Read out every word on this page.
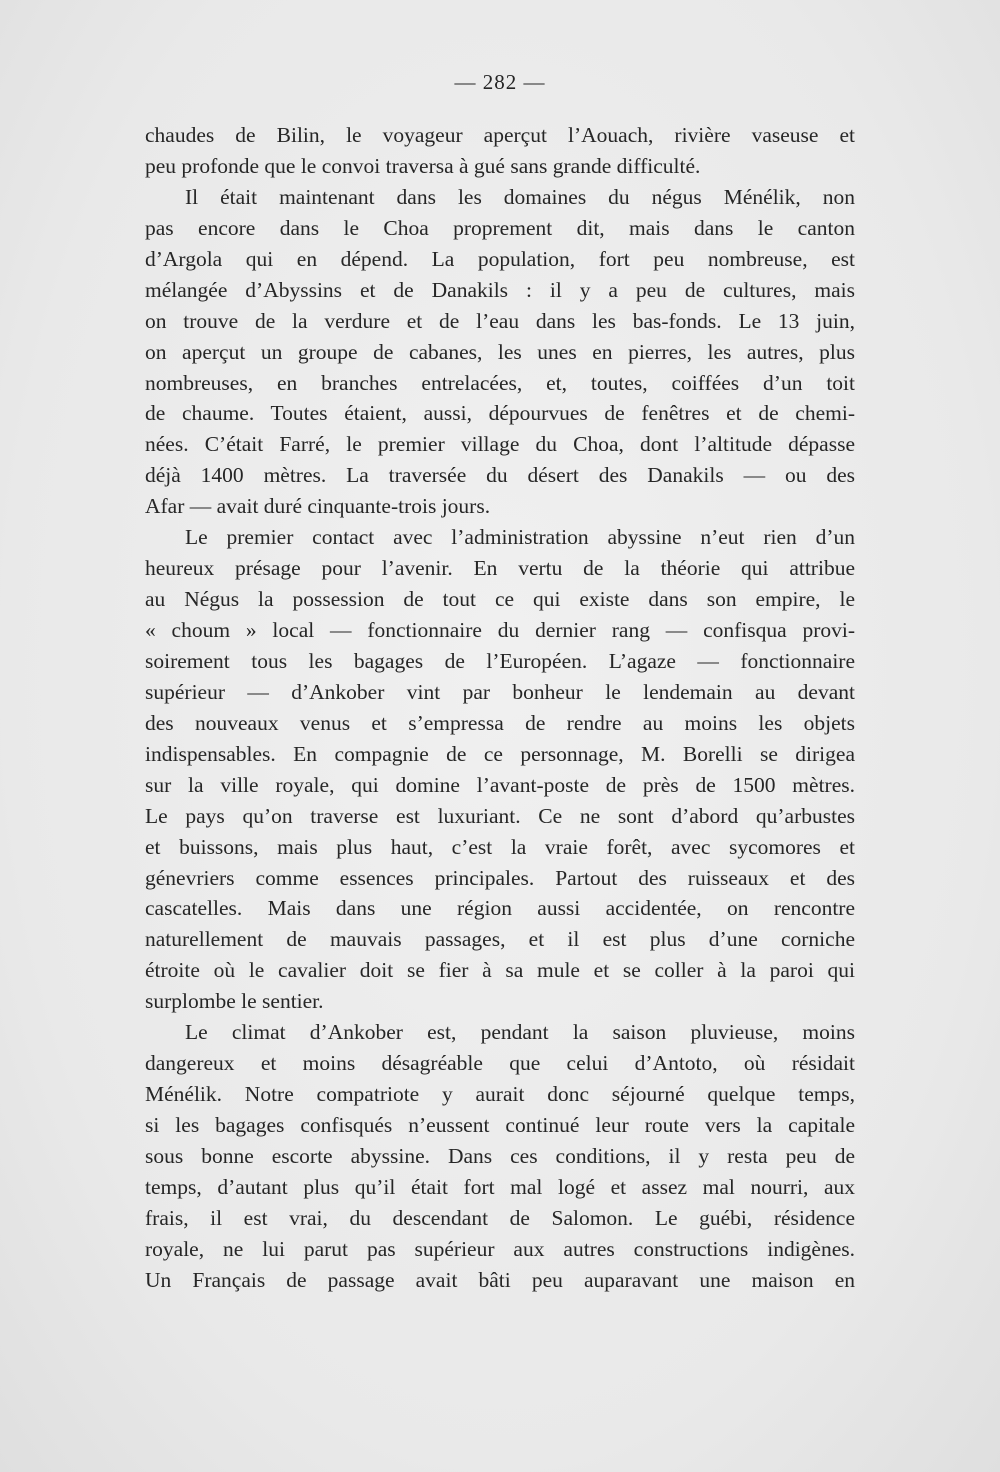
— 282 —
chaudes de Bilin, le voyageur aperçut l’Aouach, rivière vaseuse et
peu profonde que le convoi traversa à gué sans grande difficulté.
Il était maintenant dans les domaines du négus Ménélik, non
pas encore dans le Choa proprement dit, mais dans le canton
d’Argola qui en dépend. La population, fort peu nombreuse, est
mélangée d’Abyssins et de Danakils : il y a peu de cultures, mais
on trouve de la verdure et de l’eau dans les bas-fonds. Le 13 juin,
on aperçut un groupe de cabanes, les unes en pierres, les autres, plus
nombreuses, en branches entrelacées, et, toutes, coiffées d’un toit
de chaume. Toutes étaient, aussi, dépourvues de fenêtres et de chemi-
nées. C’était Farré, le premier village du Choa, dont l’altitude dépasse
déjà 1400 mètres. La traversée du désert des Danakils — ou des
Afar — avait duré cinquante-trois jours.
Le premier contact avec l’administration abyssine n’eut rien d’un
heureux présage pour l’avenir. En vertu de la théorie qui attribue
au Négus la possession de tout ce qui existe dans son empire, le
« choum » local — fonctionnaire du dernier rang — confisqua provi-
soirement tous les bagages de l’Européen. L’agaze — fonctionnaire
supérieur — d’Ankober vint par bonheur le lendemain au devant
des nouveaux venus et s’empressa de rendre au moins les objets
indispensables. En compagnie de ce personnage, M. Borelli se dirigea
sur la ville royale, qui domine l’avant-poste de près de 1500 mètres.
Le pays qu’on traverse est luxuriant. Ce ne sont d’abord qu’arbustes
et buissons, mais plus haut, c’est la vraie forêt, avec sycomores et
génevriers comme essences principales. Partout des ruisseaux et des
cascatelles. Mais dans une région aussi accidentée, on rencontre
naturellement de mauvais passages, et il est plus d’une corniche
étroite où le cavalier doit se fier à sa mule et se coller à la paroi qui
surplombe le sentier.
Le climat d’Ankober est, pendant la saison pluvieuse, moins
dangereux et moins désagréable que celui d’Antoto, où résidait
Ménélik. Notre compatriote y aurait donc séjourné quelque temps,
si les bagages confisqués n’eussent continué leur route vers la capitale
sous bonne escorte abyssine. Dans ces conditions, il y resta peu de
temps, d’autant plus qu’il était fort mal logé et assez mal nourri, aux
frais, il est vrai, du descendant de Salomon. Le guébi, résidence
royale, ne lui parut pas supérieur aux autres constructions indigènes.
Un Français de passage avait bâti peu auparavant une maison en
